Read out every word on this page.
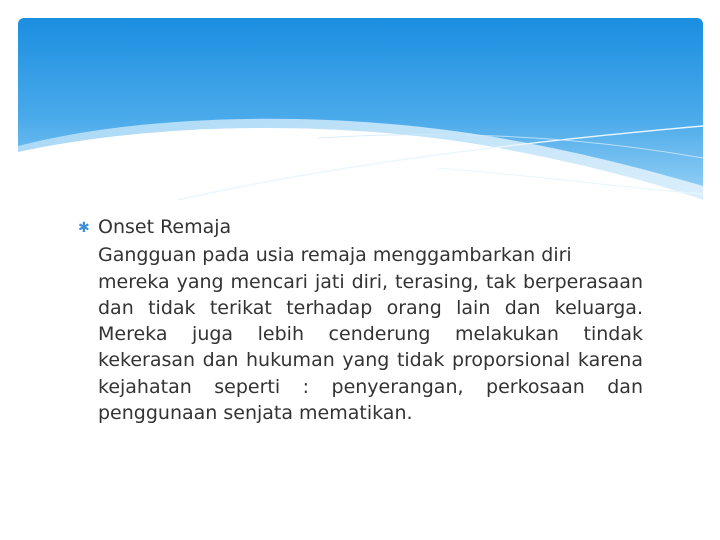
✱ Onset Remaja
Gangguan pada usia remaja menggambarkan diri
mereka yang mencari jati diri, terasing, tak berperasaan dan tidak terikat terhadap orang lain dan keluarga. Mereka juga lebih cenderung melakukan tindak kekerasan dan hukuman yang tidak proporsional karena kejahatan seperti : penyerangan, perkosaan dan penggunaan senjata mematikan.
